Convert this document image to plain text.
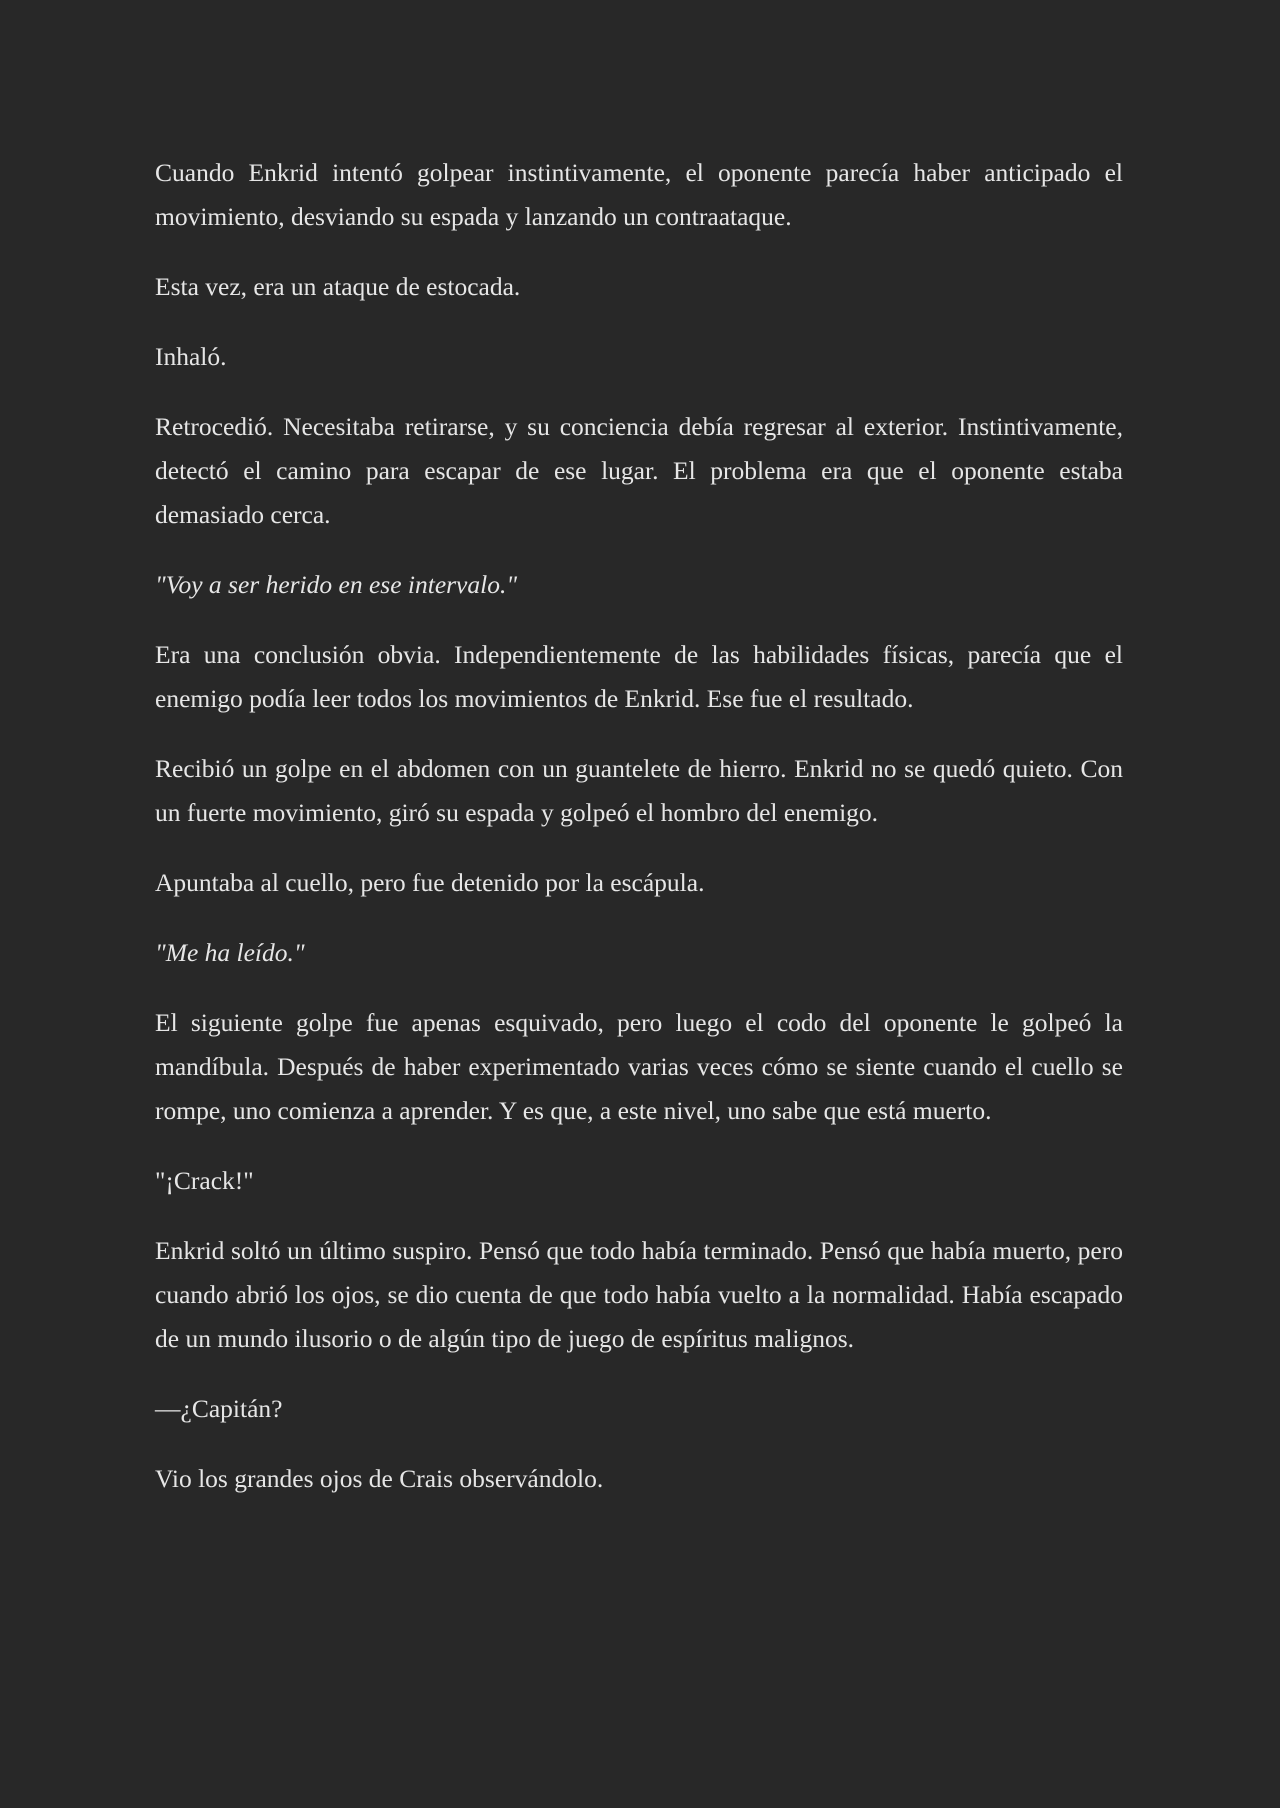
Cuando Enkrid intentó golpear instintivamente, el oponente parecía haber anticipado el movimiento, desviando su espada y lanzando un contraataque.

Esta vez, era un ataque de estocada.

Inhaló.

Retrocedió. Necesitaba retirarse, y su conciencia debía regresar al exterior. Instintivamente, detectó el camino para escapar de ese lugar. El problema era que el oponente estaba demasiado cerca.

"Voy a ser herido en ese intervalo."

Era una conclusión obvia. Independientemente de las habilidades físicas, parecía que el enemigo podía leer todos los movimientos de Enkrid. Ese fue el resultado.

Recibió un golpe en el abdomen con un guantelete de hierro. Enkrid no se quedó quieto. Con un fuerte movimiento, giró su espada y golpeó el hombro del enemigo.

Apuntaba al cuello, pero fue detenido por la escápula.

"Me ha leído."

El siguiente golpe fue apenas esquivado, pero luego el codo del oponente le golpeó la mandíbula. Después de haber experimentado varias veces cómo se siente cuando el cuello se rompe, uno comienza a aprender. Y es que, a este nivel, uno sabe que está muerto.

"¡Crack!"

Enkrid soltó un último suspiro. Pensó que todo había terminado. Pensó que había muerto, pero cuando abrió los ojos, se dio cuenta de que todo había vuelto a la normalidad. Había escapado de un mundo ilusorio o de algún tipo de juego de espíritus malignos.

—¿Capitán?

Vio los grandes ojos de Crais observándolo.
